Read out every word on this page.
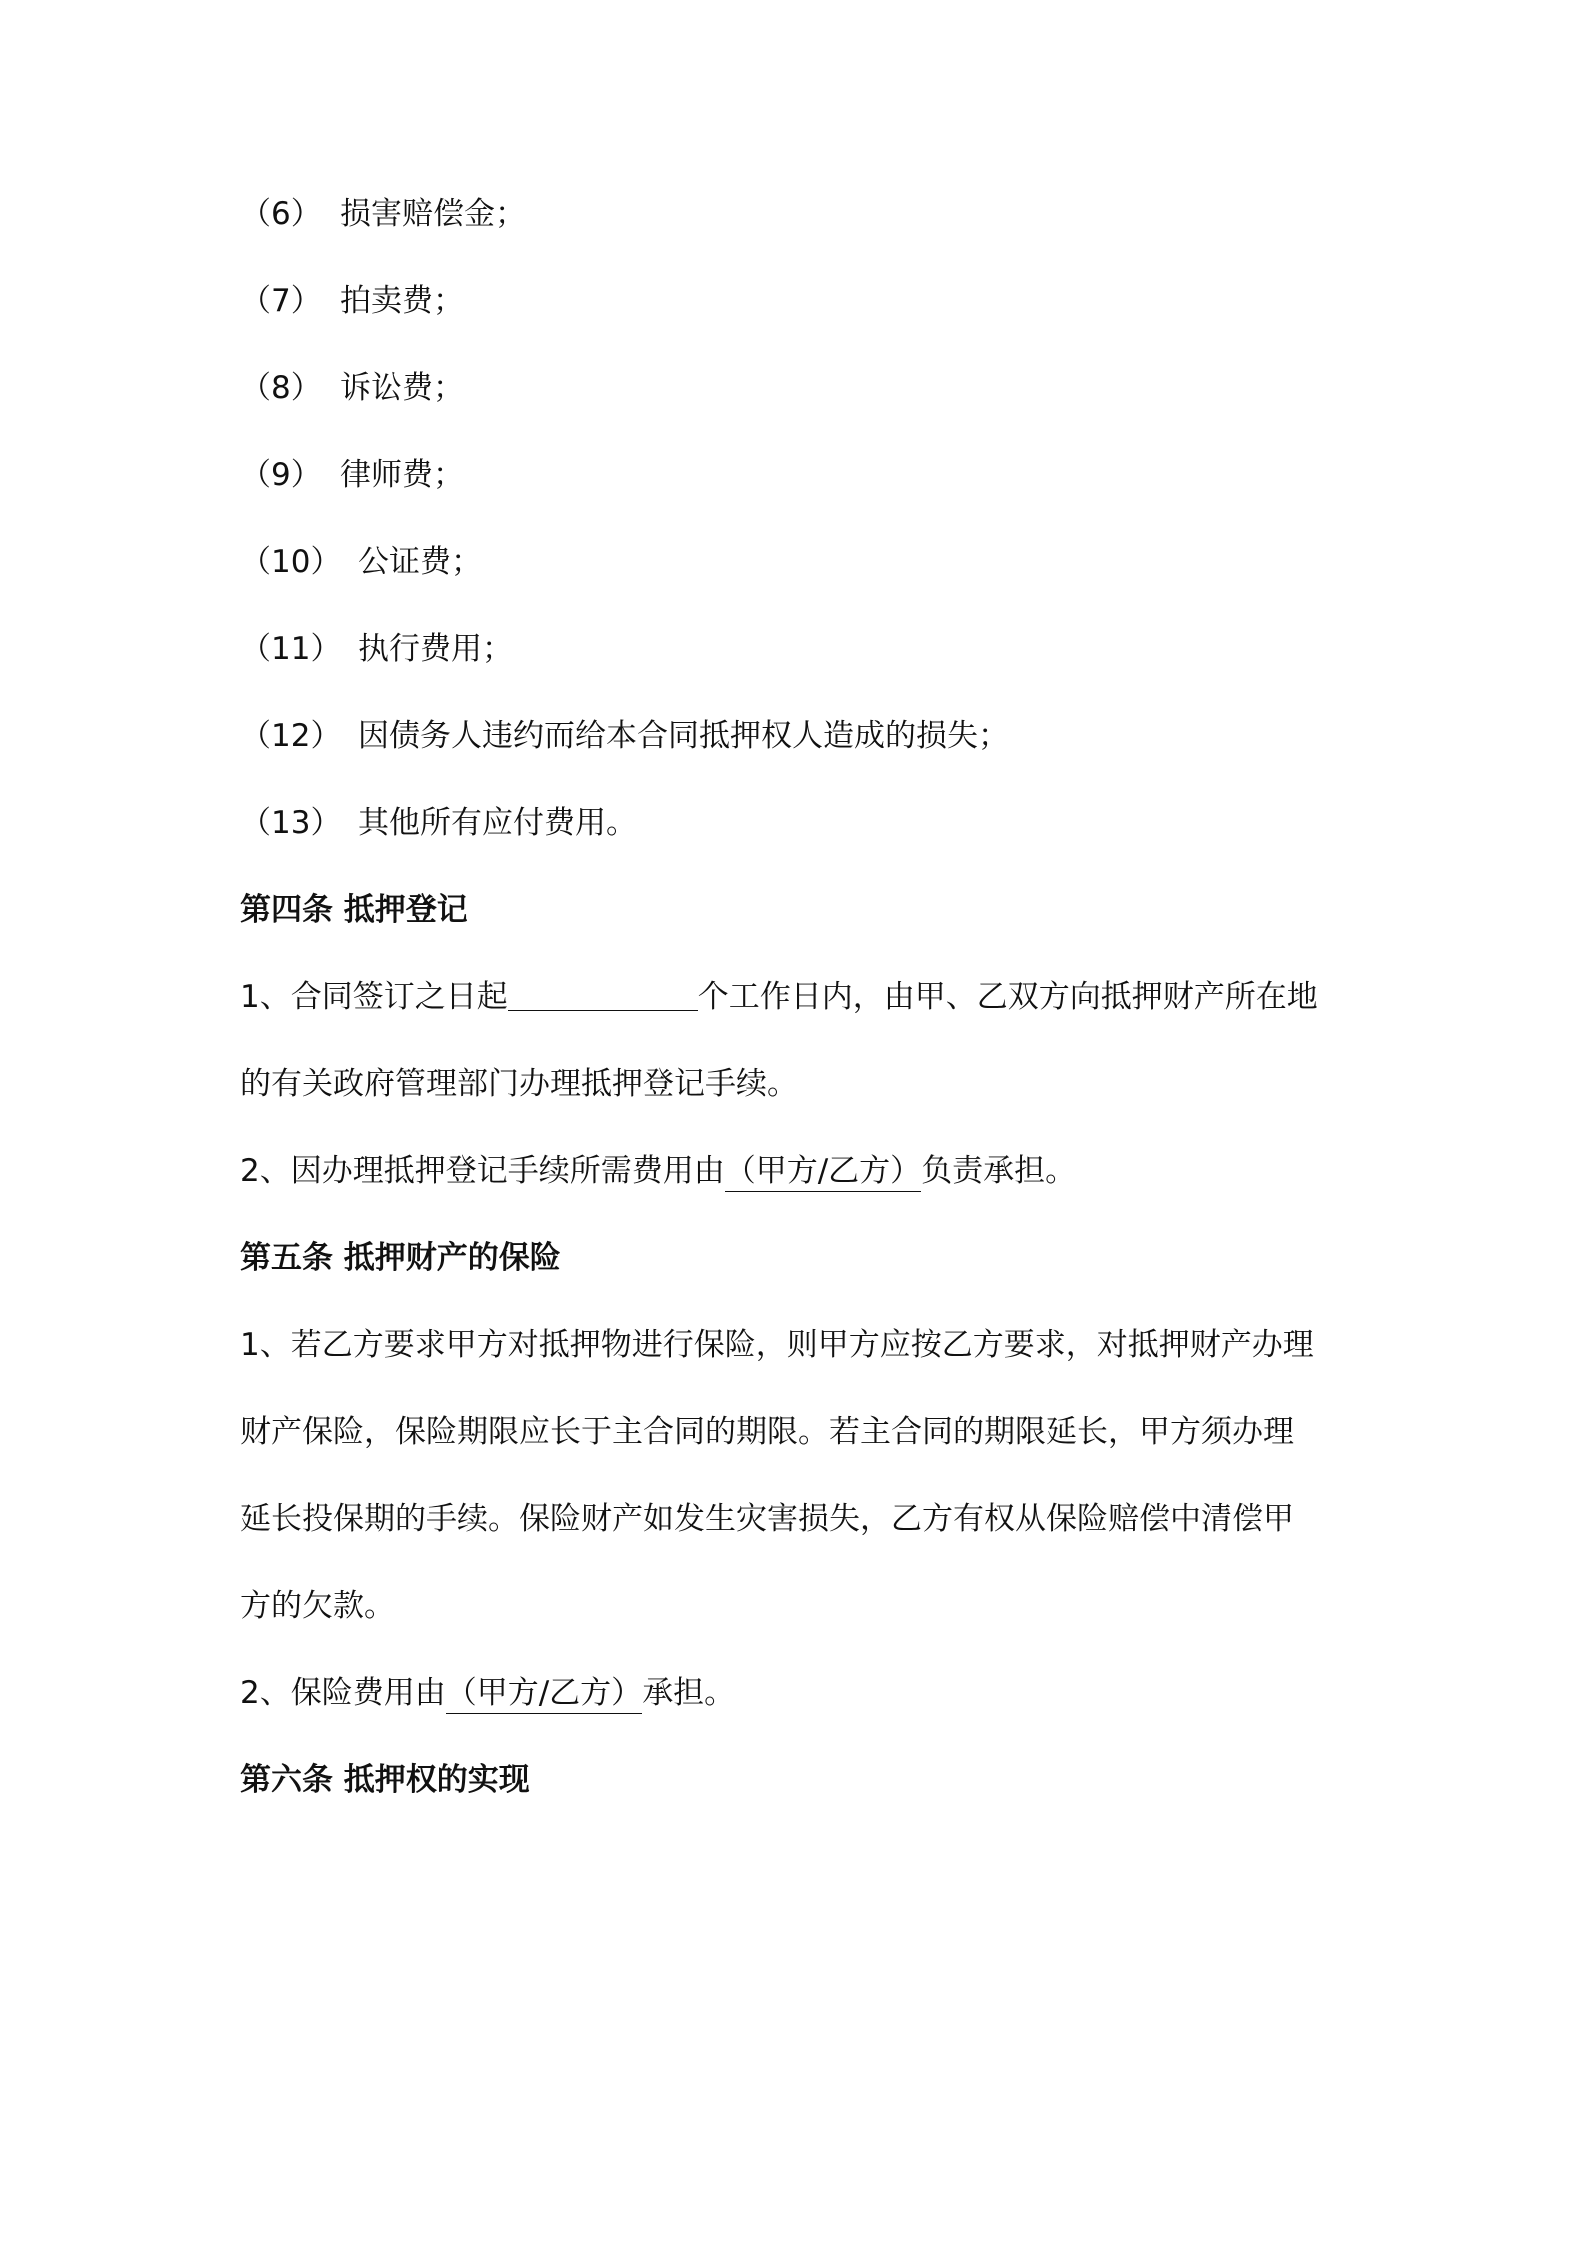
（6） 损害赔偿金；
（7） 拍卖费；
（8） 诉讼费；
（9） 律师费；
（10） 公证费；
（11） 执行费用；
（12） 因债务人违约而给本合同抵押权人造成的损失；
（13） 其他所有应付费用。
第四条 抵押登记
1、合同签订之日起	个工作日内，由甲、乙双方向抵押财产所在地
的有关政府管理部门办理抵押登记手续。
2、因办理抵押登记手续所需费用由（甲方/乙方）负责承担。
第五条 抵押财产的保险
1、若乙方要求甲方对抵押物进行保险，则甲方应按乙方要求，对抵押财产办理
财产保险，保险期限应长于主合同的期限。若主合同的期限延长，甲方须办理
延长投保期的手续。保险财产如发生灾害损失，乙方有权从保险赔偿中清偿甲
方的欠款。
2、保险费用由（甲方/乙方）承担。
第六条 抵押权的实现
